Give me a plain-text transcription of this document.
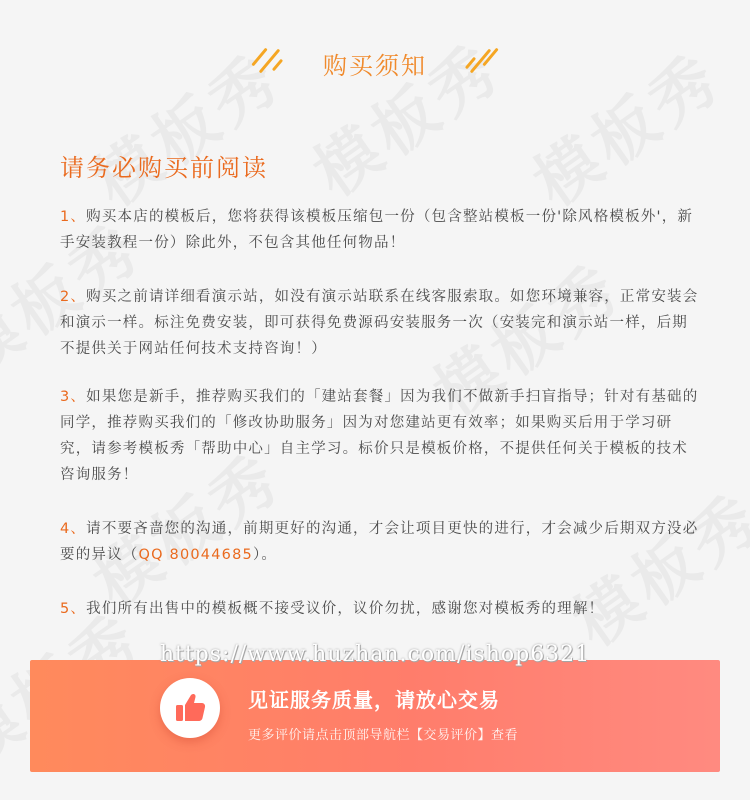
购买须知
请务必购买前阅读
1、购买本店的模板后，您将获得该模板压缩包一份（包含整站模板一份'除风格模板外'，新手安装教程一份）除此外，不包含其他任何物品！
2、购买之前请详细看演示站，如没有演示站联系在线客服索取。如您环境兼容，正常安装会和演示一样。标注免费安装，即可获得免费源码安装服务一次（安装完和演示站一样，后期不提供关于网站任何技术支持咨询！）
3、如果您是新手，推荐购买我们的「建站套餐」因为我们不做新手扫盲指导；针对有基础的同学，推荐购买我们的「修改协助服务」因为对您建站更有效率；如果购买后用于学习研究，请参考模板秀「帮助中心」自主学习。标价只是模板价格，不提供任何关于模板的技术咨询服务！
4、请不要吝啬您的沟通，前期更好的沟通，才会让项目更快的进行，才会减少后期双方没必要的异议（QQ 80044685）。
5、我们所有出售中的模板概不接受议价，议价勿扰，感谢您对模板秀的理解！
见证服务质量，请放心交易
更多评价请点击顶部导航栏【交易评价】查看
https://www.huzhan.com/ishop6321
